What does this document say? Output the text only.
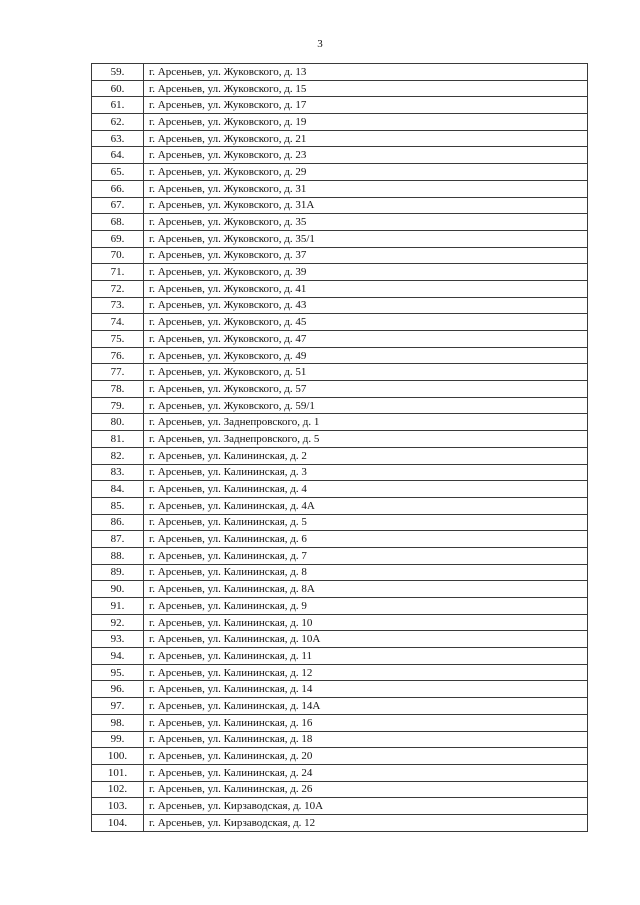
3
59.	г. Арсеньев, ул. Жуковского, д. 13
60.	г. Арсеньев, ул. Жуковского, д. 15
61.	г. Арсеньев, ул. Жуковского, д. 17
62.	г. Арсеньев, ул. Жуковского, д. 19
63.	г. Арсеньев, ул. Жуковского, д. 21
64.	г. Арсеньев, ул. Жуковского, д. 23
65.	г. Арсеньев, ул. Жуковского, д. 29
66.	г. Арсеньев, ул. Жуковского, д. 31
67.	г. Арсеньев, ул. Жуковского, д. 31А
68.	г. Арсеньев, ул. Жуковского, д. 35
69.	г. Арсеньев, ул. Жуковского, д. 35/1
70.	г. Арсеньев, ул. Жуковского, д. 37
71.	г. Арсеньев, ул. Жуковского, д. 39
72.	г. Арсеньев, ул. Жуковского, д. 41
73.	г. Арсеньев, ул. Жуковского, д. 43
74.	г. Арсеньев, ул. Жуковского, д. 45
75.	г. Арсеньев, ул. Жуковского, д. 47
76.	г. Арсеньев, ул. Жуковского, д. 49
77.	г. Арсеньев, ул. Жуковского, д. 51
78.	г. Арсеньев, ул. Жуковского, д. 57
79.	г. Арсеньев, ул. Жуковского, д. 59/1
80.	г. Арсеньев, ул. Заднепровского, д. 1
81.	г. Арсеньев, ул. Заднепровского, д. 5
82.	г. Арсеньев, ул. Калининская, д. 2
83.	г. Арсеньев, ул. Калининская, д. 3
84.	г. Арсеньев, ул. Калининская, д. 4
85.	г. Арсеньев, ул. Калининская, д. 4А
86.	г. Арсеньев, ул. Калининская, д. 5
87.	г. Арсеньев, ул. Калининская, д. 6
88.	г. Арсеньев, ул. Калининская, д. 7
89.	г. Арсеньев, ул. Калининская, д. 8
90.	г. Арсеньев, ул. Калининская, д. 8А
91.	г. Арсеньев, ул. Калининская, д. 9
92.	г. Арсеньев, ул. Калининская, д. 10
93.	г. Арсеньев, ул. Калининская, д. 10А
94.	г. Арсеньев, ул. Калининская, д. 11
95.	г. Арсеньев, ул. Калининская, д. 12
96.	г. Арсеньев, ул. Калининская, д. 14
97.	г. Арсеньев, ул. Калининская, д. 14А
98.	г. Арсеньев, ул. Калининская, д. 16
99.	г. Арсеньев, ул. Калининская, д. 18
100.	г. Арсеньев, ул. Калининская, д. 20
101.	г. Арсеньев, ул. Калининская, д. 24
102.	г. Арсеньев, ул. Калининская, д. 26
103.	г. Арсеньев, ул. Кирзаводская, д. 10А
104.	г. Арсеньев, ул. Кирзаводская, д. 12
